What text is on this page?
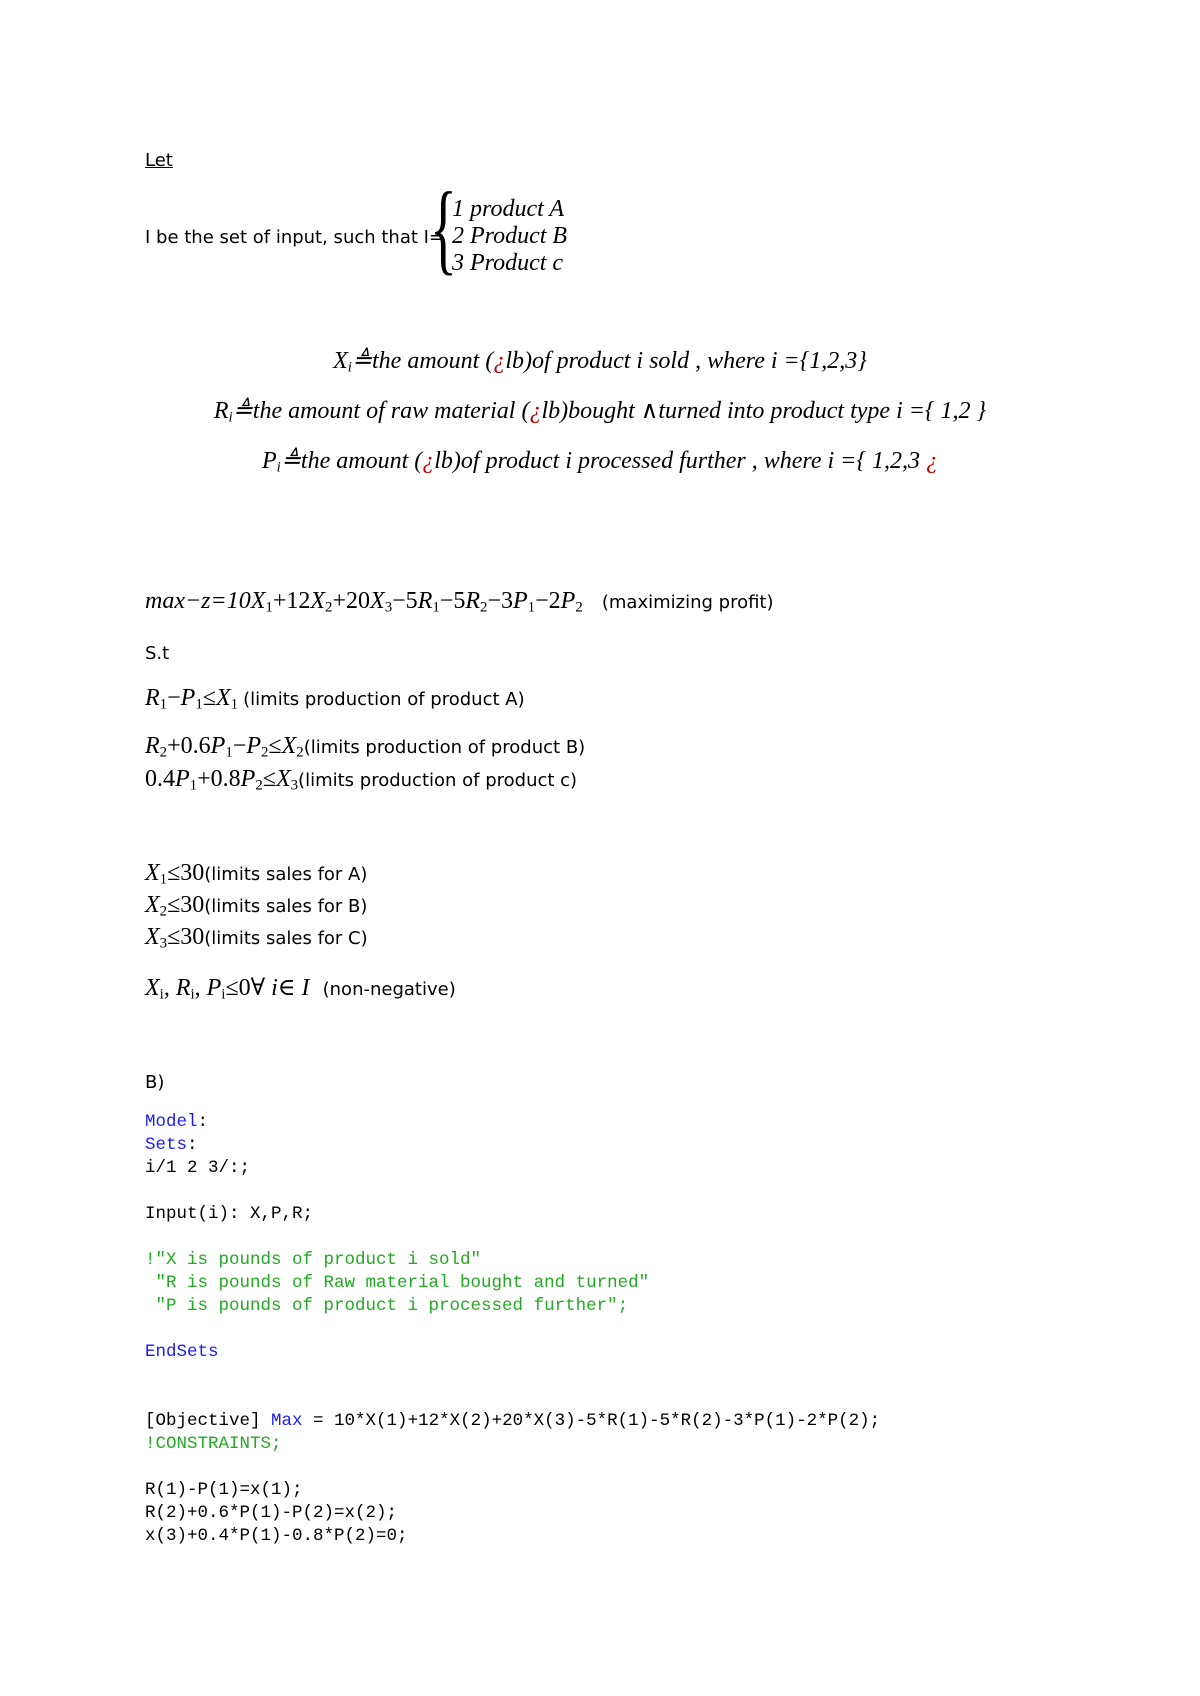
Let
I be the set of input, such that I=
{
1 product A
2 Product B
3 Product c
$X_i≜the$ amount (¿lb)of product i sold , where i ={1,2,3}
$R_i≜the$ amount of raw material (¿lb)bought ∧turned into product type i ={ 1,2 }
$P_i≜the$ amount (¿lb)of product i processed further , where i ={ 1,2,3 ¿
$\max-z=10X_1+12X_2+20X_3-5R_1-5R_2-3P_1-2P_2$ (maximizing profit)
S.t
$R_1-P_1\le X_1$ (limits production of product A)
$R_2+0.6P_1-P_2\le X_2(limits$ production of product B)
$0.4P_1+0.8P_2\le X_3(limits$ production of product c)
$X_1\le 30(limits$ sales for A)
$X_2\le 30(limits$ sales for B)
$X_3\le 30(limits$ sales for C)
$X_i$, $R_i$, $P_i\le 0\forall$ i∈ I (non-negative)
B)
Model:
Sets:
i/1 2 3/:;
Input(i): X,P,R;
!"X is pounds of product i sold"
"R is pounds of Raw material bought and turned"
"P is pounds of product i processed further";
EndSets
[Objective] Max = 10*X(1)+12*X(2)+20*X(3)-5*R(1)-5*R(2)-3*P(1)-2*P(2);
!CONSTRAINTS;
R(1)-P(1)=x(1);
R(2)+0.6*P(1)-P(2)=x(2);
x(3)+0.4*P(1)-0.8*P(2)=0;
